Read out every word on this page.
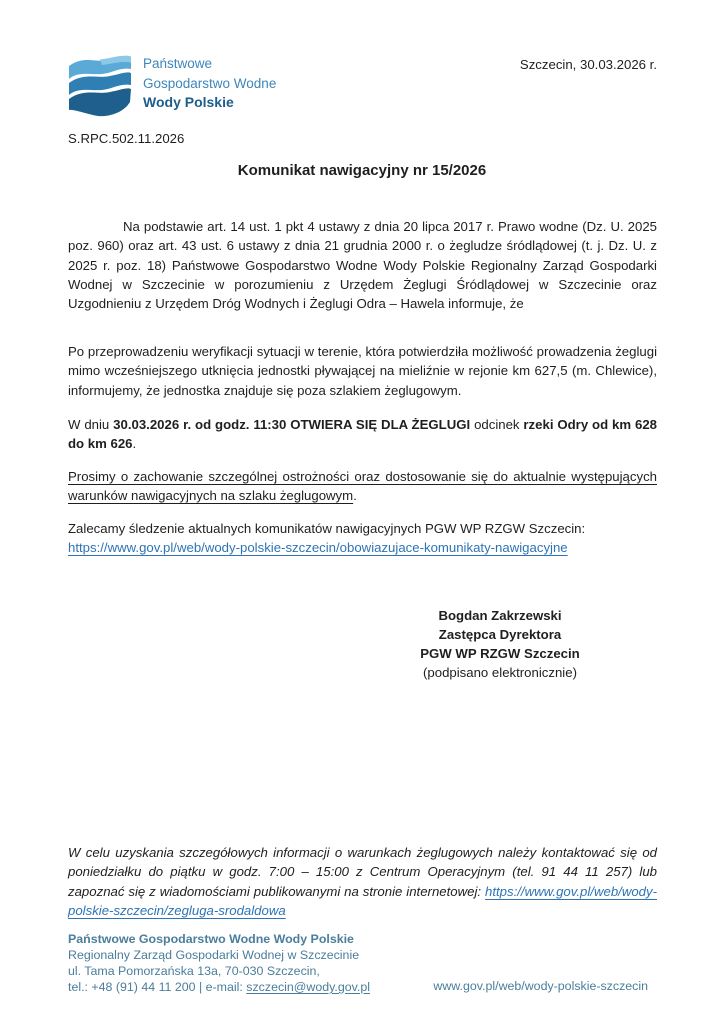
Państwowe
Gospodarstwo Wodne
Wody Polskie
Szczecin, 30.03.2026 r.
S.RPC.502.11.2026
Komunikat nawigacyjny nr 15/2026

Na podstawie art. 14 ust. 1 pkt 4 ustawy z dnia 20 lipca 2017 r. Prawo wodne (Dz. U. 2025 poz. 960) oraz art. 43 ust. 6 ustawy z dnia 21 grudnia 2000 r. o żegludze śródlądowej (t. j. Dz. U. z 2025 r. poz. 18) Państwowe Gospodarstwo Wodne Wody Polskie Regionalny Zarząd Gospodarki Wodnej w Szczecinie w porozumieniu z Urzędem Żeglugi Śródlądowej w Szczecinie oraz Uzgodnieniu z Urzędem Dróg Wodnych i Żeglugi Odra – Hawela informuje, że

Po przeprowadzeniu weryfikacji sytuacji w terenie, która potwierdziła możliwość prowadzenia żeglugi mimo wcześniejszego utknięcia jednostki pływającej na mieliźnie w rejonie km 627,5 (m. Chlewice), informujemy, że jednostka znajduje się poza szlakiem żeglugowym.

W dniu 30.03.2026 r. od godz. 11:30 OTWIERA SIĘ DLA ŻEGLUGI odcinek rzeki Odry od km 628 do km 626.

Prosimy o zachowanie szczególnej ostrożności oraz dostosowanie się do aktualnie występujących warunków nawigacyjnych na szlaku żeglugowym.

Zalecamy śledzenie aktualnych komunikatów nawigacyjnych PGW WP RZGW Szczecin:
https://www.gov.pl/web/wody-polskie-szczecin/obowiazujace-komunikaty-nawigacyjne
Bogdan Zakrzewski
Zastępca Dyrektora
PGW WP RZGW Szczecin
(podpisano elektronicznie)

W celu uzyskania szczegółowych informacji o warunkach żeglugowych należy kontaktować się od poniedziałku do piątku w godz. 7:00 – 15:00 z Centrum Operacyjnym (tel. 91 44 11 257) lub zapoznać się z wiadomościami publikowanymi na stronie internetowej: https://www.gov.pl/web/wody-polskie-szczecin/zegluga-srodaldowa

Państwowe Gospodarstwo Wodne Wody Polskie
Regionalny Zarząd Gospodarki Wodnej w Szczecinie
ul. Tama Pomorzańska 13a, 70-030 Szczecin,
tel.: +48 (91) 44 11 200 | e-mail: szczecin@wody.gov.pl	www.gov.pl/web/wody-polskie-szczecin
